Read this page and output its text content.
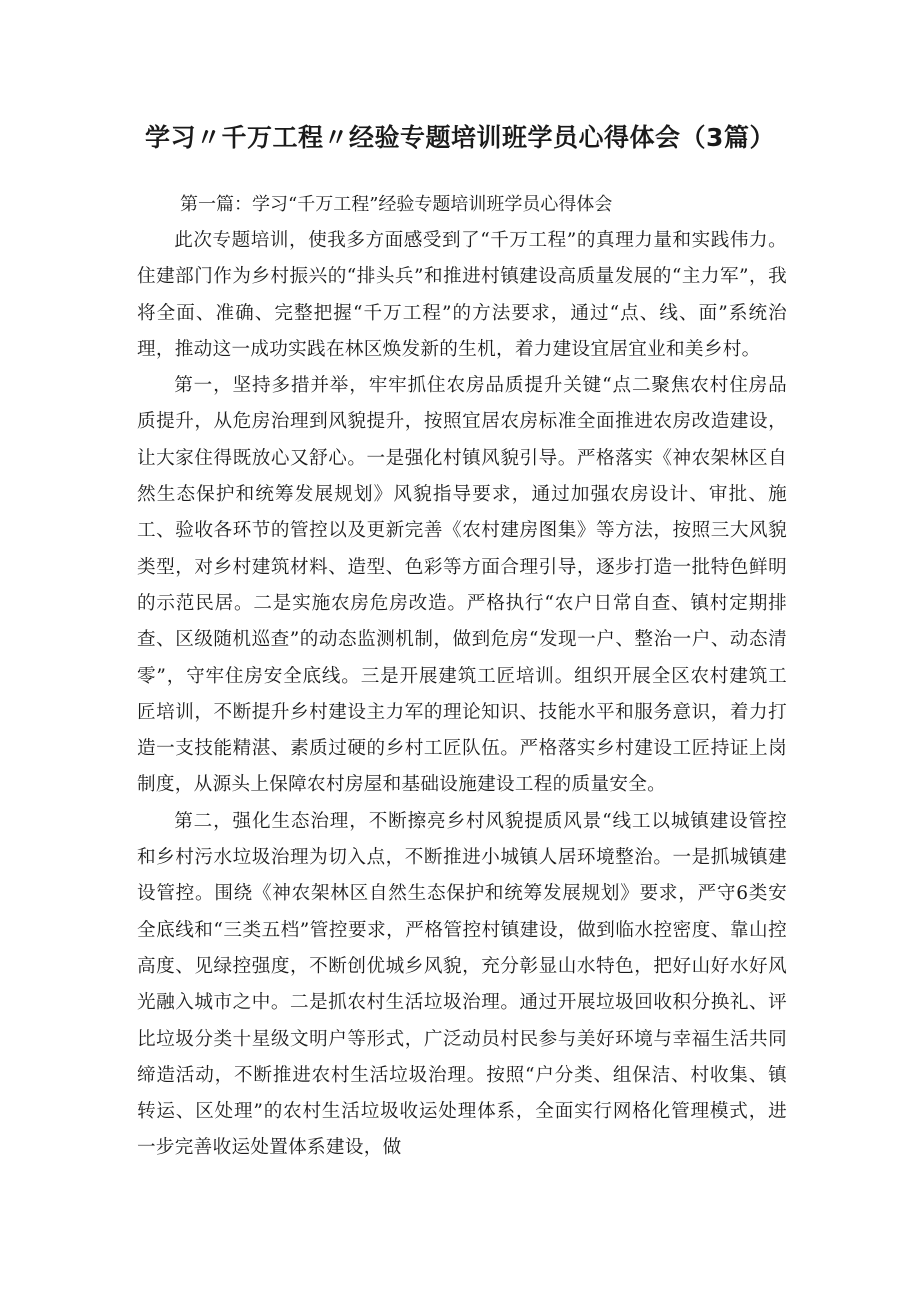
学习〃千万工程〃经验专题培训班学员心得体会（3篇）

第一篇：学习“千万工程”经验专题培训班学员心得体会

此次专题培训，使我多方面感受到了“千万工程”的真理力量和实践伟力。住建部门作为乡村振兴的“排头兵”和推进村镇建设高质量发展的“主力军”，我将全面、准确、完整把握“千万工程”的方法要求，通过“点、线、面”系统治理，推动这一成功实践在林区焕发新的生机，着力建设宜居宜业和美乡村。

第一，坚持多措并举，牢牢抓住农房品质提升关键“点二聚焦农村住房品质提升，从危房治理到风貌提升，按照宜居农房标准全面推进农房改造建设，让大家住得既放心又舒心。一是强化村镇风貌引导。严格落实《神农架林区自然生态保护和统筹发展规划》风貌指导要求，通过加强农房设计、审批、施工、验收各环节的管控以及更新完善《农村建房图集》等方法，按照三大风貌类型，对乡村建筑材料、造型、色彩等方面合理引导，逐步打造一批特色鲜明的示范民居。二是实施农房危房改造。严格执行“农户日常自查、镇村定期排查、区级随机巡查”的动态监测机制，做到危房“发现一户、整治一户、动态清零”，守牢住房安全底线。三是开展建筑工匠培训。组织开展全区农村建筑工匠培训，不断提升乡村建设主力军的理论知识、技能水平和服务意识，着力打造一支技能精湛、素质过硬的乡村工匠队伍。严格落实乡村建设工匠持证上岗制度，从源头上保障农村房屋和基础设施建设工程的质量安全。

第二，强化生态治理，不断擦亮乡村风貌提质风景“线工以城镇建设管控和乡村污水垃圾治理为切入点，不断推进小城镇人居环境整治。一是抓城镇建设管控。围绕《神农架林区自然生态保护和统筹发展规划》要求，严守6类安全底线和“三类五档”管控要求，严格管控村镇建设，做到临水控密度、靠山控高度、见绿控强度，不断创优城乡风貌，充分彰显山水特色，把好山好水好风光融入城市之中。二是抓农村生活垃圾治理。通过开展垃圾回收积分换礼、评比垃圾分类十星级文明户等形式，广泛动员村民参与美好环境与幸福生活共同缔造活动，不断推进农村生活垃圾治理。按照“户分类、组保洁、村收集、镇转运、区处理”的农村生活垃圾收运处理体系，全面实行网格化管理模式，进一步完善收运处置体系建设，做
